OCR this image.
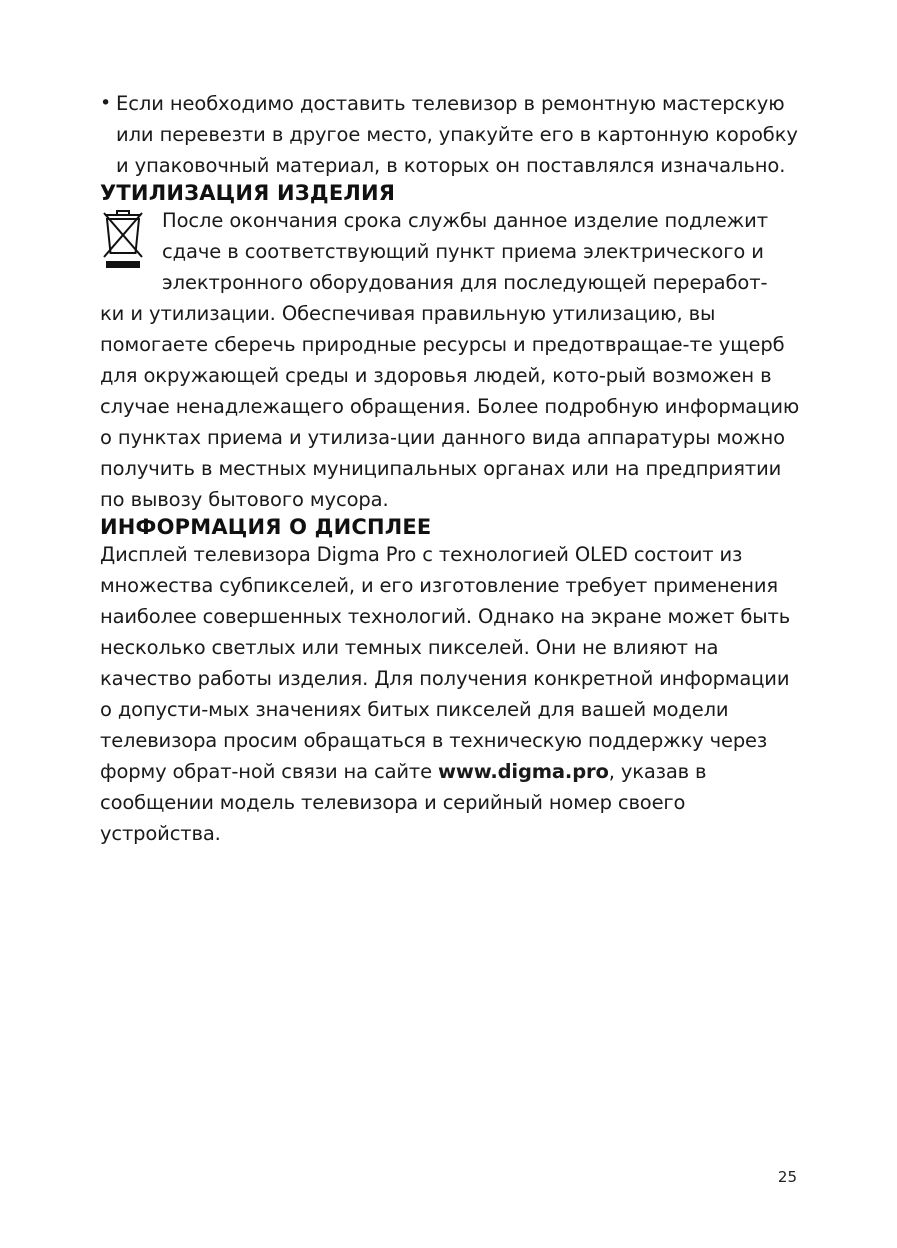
• Если необходимо доставить телевизор в ремонтную мастерскую или перевезти в другое место, упакуйте его в картонную коробку и упаковочный материал, в которых он поставлялся изначально.
УТИЛИЗАЦИЯ ИЗДЕЛИЯ

После окончания срока службы данное изделие подлежит сдаче в соответствующий пункт приема электрического и электронного оборудования для последующей переработ-
ки и утилизации. Обеспечивая правильную утилизацию, вы помогаете сберечь природные ресурсы и предотвращае-те ущерб для окружающей среды и здоровья людей, кото-рый возможен в случае ненадлежащего обращения. Более подробную информацию о пунктах приема и утилиза-ции данного вида аппаратуры можно получить в местных муниципальных органах или на предприятии по вывозу бытового мусора.

ИНФОРМАЦИЯ О ДИСПЛЕЕ

Дисплей телевизора Digma Pro с технологией OLED состоит из множества субпикселей, и его изготовление требует применения наиболее совершенных технологий. Однако на экране может быть несколько светлых или темных пикселей. Они не влияют на качество работы изделия. Для получения конкретной информации о допусти-мых значениях битых пикселей для вашей модели телевизора просим обращаться в техническую поддержку через форму обрат-ной связи на сайте www.digma.pro, указав в сообщении модель телевизора и серийный номер своего устройства.

25
